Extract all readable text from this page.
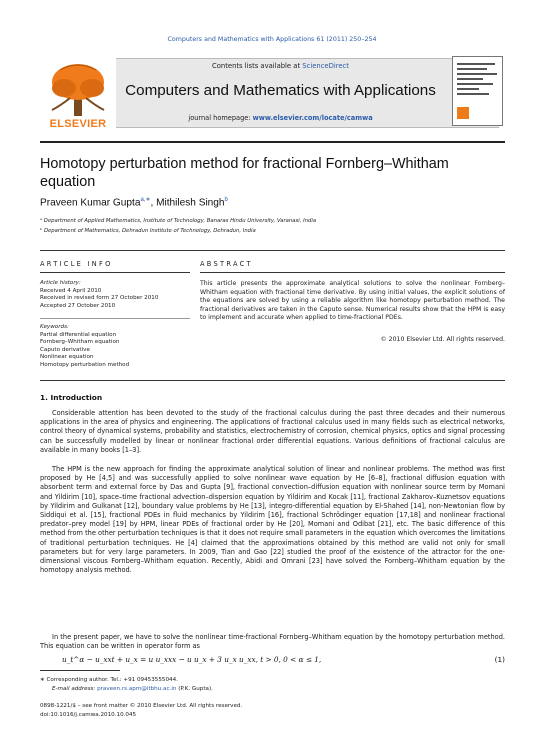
Computers and Mathematics with Applications 61 (2011) 250–254
ELSEVIER
Contents lists available at ScienceDirect
Computers and Mathematics with Applications
journal homepage: www.elsevier.com/locate/camwa
Homotopy perturbation method for fractional Fornberg–Whitham equation
Praveen Kumar Gupta$^{a,∗}$, Mithilesh Singh$^b$
ᵃ Department of Applied Mathematics, Institute of Technology, Banaras Hindu University, Varanasi, India
ᵇ Department of Mathematics, Dehradun Institute of Technology, Dehradun, India
ARTICLE INFO	ABSTRACT
Article history:
Received 4 April 2010
Received in revised form 27 October 2010
Accepted 27 October 2010
Keywords:
Partial differential equation
Fornberg–Whitham equation
Caputo derivative
Nonlinear equation
Homotopy perturbation method
This article presents the approximate analytical solutions to solve the nonlinear Fornberg–Whitham equation with fractional time derivative. By using initial values, the explicit solutions of the equations are solved by using a reliable algorithm like homotopy perturbation method. The fractional derivatives are taken in the Caputo sense. Numerical results show that the HPM is easy to implement and accurate when applied to time-fractional PDEs.
© 2010 Elsevier Ltd. All rights reserved.
1. Introduction
Considerable attention has been devoted to the study of the fractional calculus during the past three decades and their numerous applications in the area of physics and engineering. The applications of fractional calculus used in many fields such as electrical networks, control theory of dynamical systems, probability and statistics, electrochemistry of corrosion, chemical physics, optics and signal processing can be successfully modelled by linear or nonlinear fractional order differential equations. Various definitions of fractional calculus are available in many books [1–3].
The HPM is the new approach for finding the approximate analytical solution of linear and nonlinear problems. The method was first proposed by He [4,5] and was successfully applied to solve nonlinear wave equation by He [6–8], fractional diffusion equation with absorbent term and external force by Das and Gupta [9], fractional convection–diffusion equation with nonlinear source term by Momani and Yildirim [10], space–time fractional advection–dispersion equation by Yildirim and Kocak [11], fractional Zakharov–Kuznetsov equations by Yildirim and Gulkanat [12], boundary value problems by He [13], integro-differential equation by El-Shahed [14], non-Newtonian flow by Siddiqui et al. [15], fractional PDEs in fluid mechanics by Yildirim [16], fractional Schrödinger equation [17,18] and nonlinear fractional predator–prey model [19] by HPM, linear PDEs of fractional order by He [20], Momani and Odibat [21], etc. The basic difference of this method from the other perturbation techniques is that it does not require small parameters in the equation which overcomes the limitations of traditional perturbation techniques. He [4] claimed that the approximations obtained by this method are valid not only for small parameters but for very large parameters. In 2009, Tian and Gao [22] studied the proof of the existence of the attractor for the one-dimensional viscous Fornberg–Whitham equation. Recently, Abidi and Omrani [23] have solved the Fornberg–Whitham equation by the homotopy analysis method.
In the present paper, we have to solve the nonlinear time-fractional Fornberg–Whitham equation by the homotopy perturbation method. This equation can be written in operator form as
u_t^α − u_xxt + u_x = u u_xxx − u u_x + 3 u_x u_xx, t > 0, 0 < α ≤ 1,	(1)
∗ Corresponding author. Tel.: +91 09453555044.
E-mail address: praveen.rs.apm@itbhu.ac.in (P.K. Gupta).
0898-1221/$ – see front matter © 2010 Elsevier Ltd. All rights reserved.
doi:10.1016/j.camwa.2010.10.045
